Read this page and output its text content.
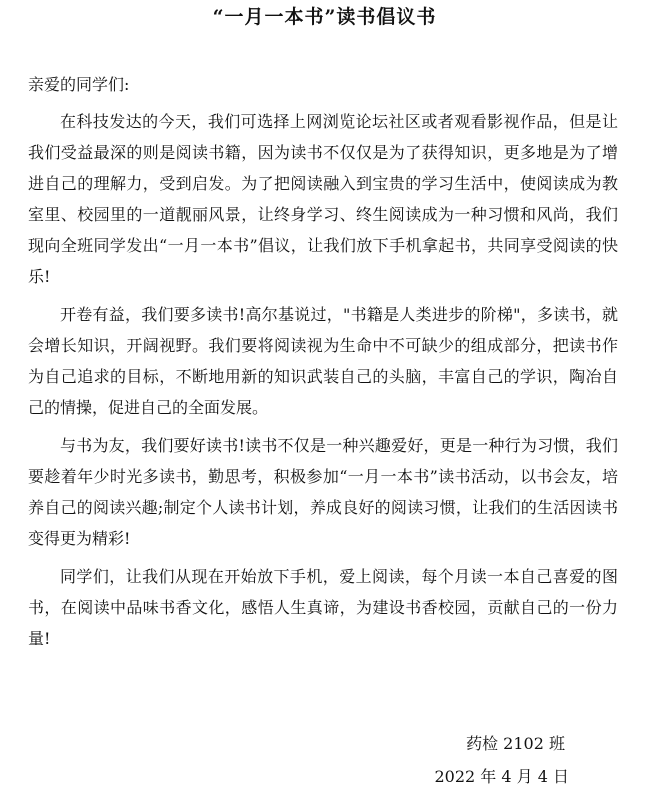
“一月一本书”读书倡议书
亲爱的同学们:

在科技发达的今天，我们可选择上网浏览论坛社区或者观看影视作品，但是让我们受益最深的则是阅读书籍，因为读书不仅仅是为了获得知识，更多地是为了增进自己的理解力，受到启发。为了把阅读融入到宝贵的学习生活中，使阅读成为教室里、校园里的一道靓丽风景，让终身学习、终生阅读成为一种习惯和风尚，我们现向全班同学发出“一月一本书”倡议，让我们放下手机拿起书，共同享受阅读的快乐!

开卷有益，我们要多读书!高尔基说过，"书籍是人类进步的阶梯"，多读书，就会增长知识，开阔视野。我们要将阅读视为生命中不可缺少的组成部分，把读书作为自己追求的目标，不断地用新的知识武装自己的头脑，丰富自己的学识，陶冶自己的情操，促进自己的全面发展。

与书为友，我们要好读书!读书不仅是一种兴趣爱好，更是一种行为习惯，我们要趁着年少时光多读书，勤思考，积极参加“一月一本书”读书活动，以书会友，培养自己的阅读兴趣;制定个人读书计划，养成良好的阅读习惯，让我们的生活因读书变得更为精彩!

同学们，让我们从现在开始放下手机，爱上阅读，每个月读一本自己喜爱的图书，在阅读中品味书香文化，感悟人生真谛，为建设书香校园，贡献自己的一份力量!

药检 2102 班
2022 年 4 月 4 日
